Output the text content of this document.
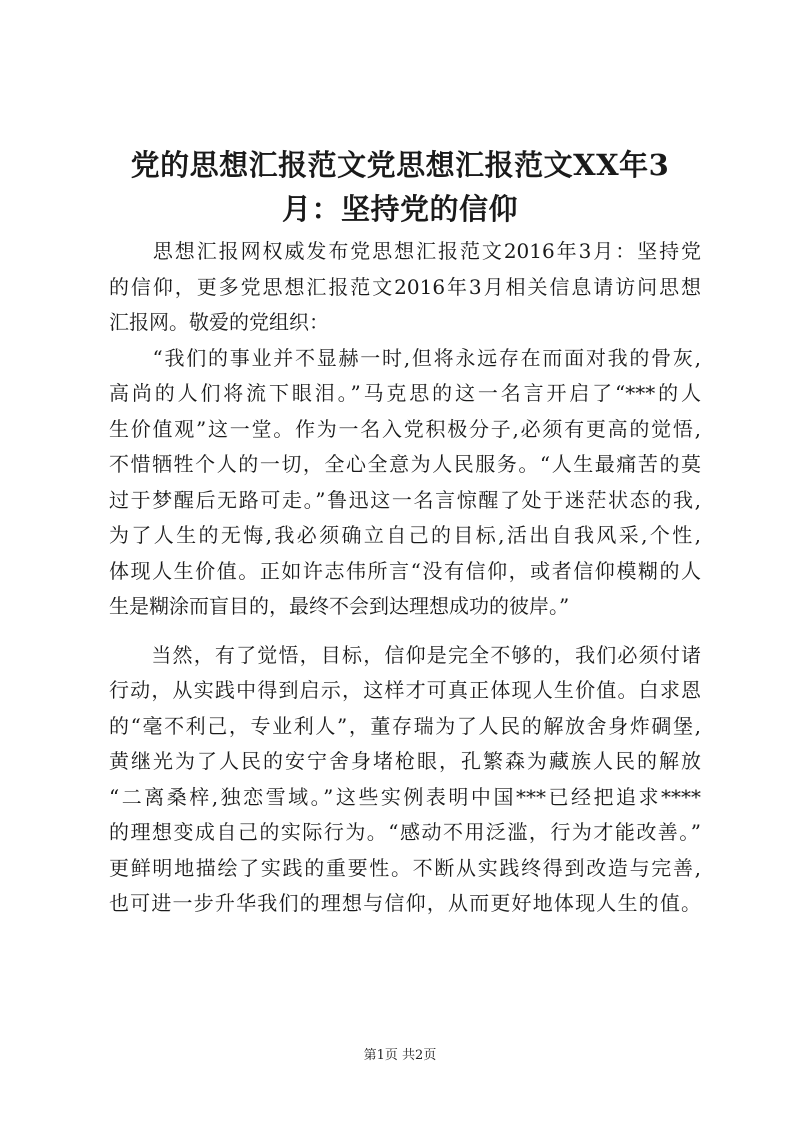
党的思想汇报范文党思想汇报范文XX年3
月：坚持党的信仰
　　思想汇报网权威发布党思想汇报范文2016年3月：坚持党
的信仰，更多党思想汇报范文2016年3月相关信息请访问思想
汇报网。敬爱的党组织：
　　“我们的事业并不显赫一时,但将永远存在而面对我的骨灰,
高尚的人们将流下眼泪。”马克思的这一名言开启了“***的人
生价值观”这一堂。作为一名入党积极分子,必须有更高的觉悟,
不惜牺牲个人的一切，全心全意为人民服务。“人生最痛苦的莫
过于梦醒后无路可走。”鲁迅这一名言惊醒了处于迷茫状态的我,
为了人生的无悔,我必须确立自己的目标,活出自我风采,个性,
体现人生价值。正如许志伟所言“没有信仰，或者信仰模糊的人
生是糊涂而盲目的，最终不会到达理想成功的彼岸。”
　　当然，有了觉悟，目标，信仰是完全不够的，我们必须付诸
行动，从实践中得到启示，这样才可真正体现人生价值。白求恩
的“毫不利己，专业利人”，董存瑞为了人民的解放舍身炸碉堡,
黄继光为了人民的安宁舍身堵枪眼，孔繁森为藏族人民的解放
“二离桑梓,独恋雪域。”这些实例表明中国***已经把追求****
的理想变成自己的实际行为。“感动不用泛滥，行为才能改善。”
更鲜明地描绘了实践的重要性。不断从实践终得到改造与完善,
也可进一步升华我们的理想与信仰，从而更好地体现人生的值。
第1页 共2页
